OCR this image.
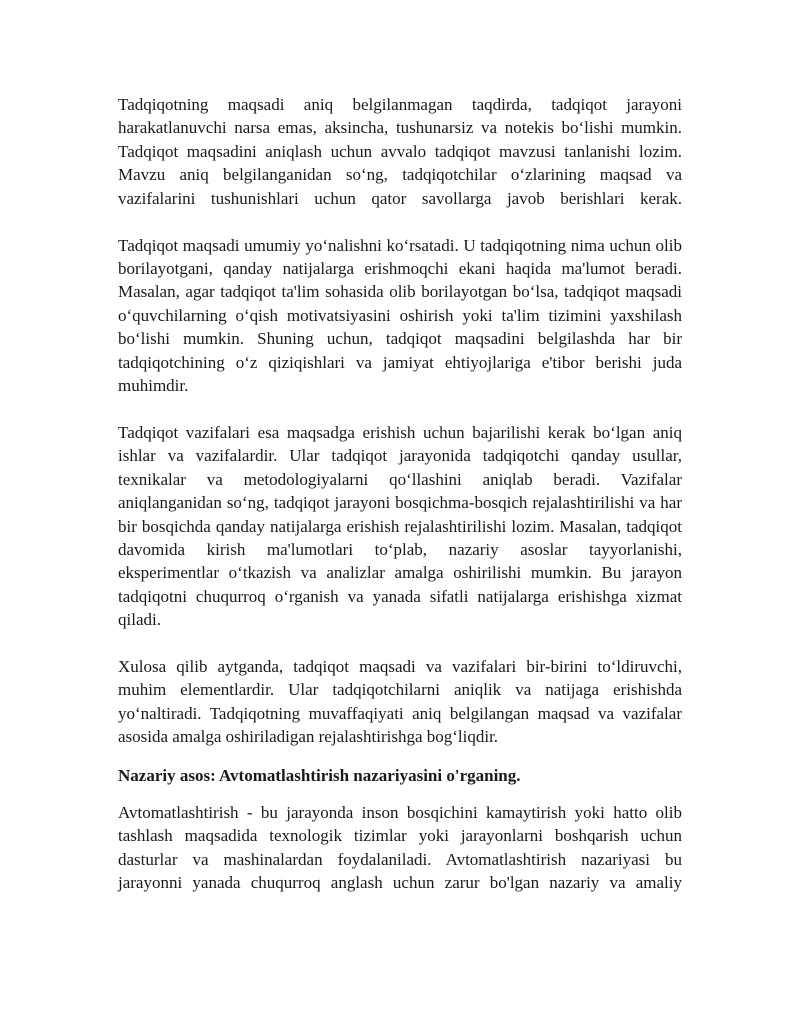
Tadqiqotning maqsadi aniq belgilanmagan taqdirda, tadqiqot jarayoni harakatlanuvchi narsa emas, aksincha, tushunarsiz va notekis bo‘lishi mumkin. Tadqiqot maqsadini aniqlash uchun avvalo tadqiqot mavzusi tanlanishi lozim. Mavzu aniq belgilanganidan so‘ng, tadqiqotchilar o‘zlarining maqsad va vazifalarini tushunishlari uchun qator savollarga javob berishlari kerak.

Tadqiqot maqsadi umumiy yo‘nalishni ko‘rsatadi. U tadqiqotning nima uchun olib borilayotgani, qanday natijalarga erishmoqchi ekani haqida ma'lumot beradi. Masalan, agar tadqiqot ta'lim sohasida olib borilayotgan bo‘lsa, tadqiqot maqsadi o‘quvchilarning o‘qish motivatsiyasini oshirish yoki ta'lim tizimini yaxshilash bo‘lishi mumkin. Shuning uchun, tadqiqot maqsadini belgilashda har bir tadqiqotchining o‘z qiziqishlari va jamiyat ehtiyojlariga e'tibor berishi juda muhimdir.

Tadqiqot vazifalari esa maqsadga erishish uchun bajarilishi kerak bo‘lgan aniq ishlar va vazifalardir. Ular tadqiqot jarayonida tadqiqotchi qanday usullar, texnikalar va metodologiyalarni qo‘llashini aniqlab beradi. Vazifalar aniqlanganidan so‘ng, tadqiqot jarayoni bosqichma-bosqich rejalashtirilishi va har bir bosqichda qanday natijalarga erishish rejalashtirilishi lozim. Masalan, tadqiqot davomida kirish ma'lumotlari to‘plab, nazariy asoslar tayyorlanishi, eksperimentlar o‘tkazish va analizlar amalga oshirilishi mumkin. Bu jarayon tadqiqotni chuqurroq o‘rganish va yanada sifatli natijalarga erishishga xizmat qiladi.

Xulosa qilib aytganda, tadqiqot maqsadi va vazifalari bir-birini to‘ldiruvchi, muhim elementlardir. Ular tadqiqotchilarni aniqlik va natijaga erishishda yo‘naltiradi. Tadqiqotning muvaffaqiyati aniq belgilangan maqsad va vazifalar asosida amalga oshiriladigan rejalashtirishga bog‘liqdir.

Nazariy asos: Avtomatlashtirish nazariyasini o'rganing.

Avtomatlashtirish - bu jarayonda inson bosqichini kamaytirish yoki hatto olib tashlash maqsadida texnologik tizimlar yoki jarayonlarni boshqarish uchun dasturlar va mashinalardan foydalaniladi. Avtomatlashtirish nazariyasi bu jarayonni yanada chuqurroq anglash uchun zarur bo'lgan nazariy va amaliy
